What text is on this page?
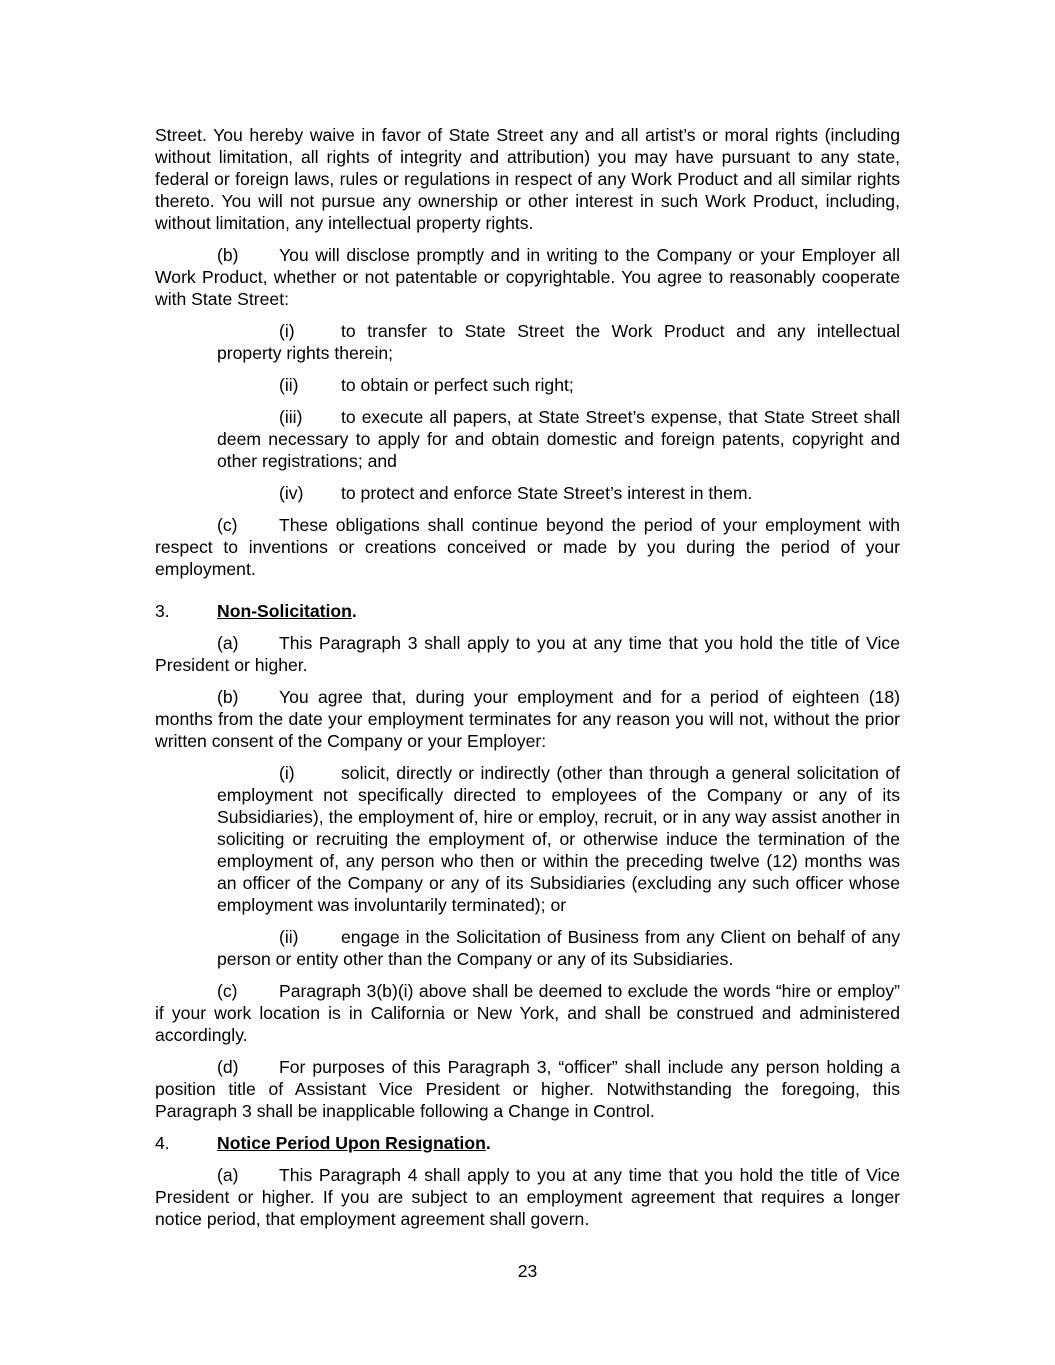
Street. You hereby waive in favor of State Street any and all artist’s or moral rights (including without limitation, all rights of integrity and attribution) you may have pursuant to any state, federal or foreign laws, rules or regulations in respect of any Work Product and all similar rights thereto. You will not pursue any ownership or other interest in such Work Product, including, without limitation, any intellectual property rights.

(b) You will disclose promptly and in writing to the Company or your Employer all Work Product, whether or not patentable or copyrightable. You agree to reasonably cooperate with State Street:

(i)	to transfer to State Street the Work Product and any intellectual property rights therein;

(ii) to obtain or perfect such right;

(iii) to execute all papers, at State Street’s expense, that State Street shall deem necessary to apply for and obtain domestic and foreign patents, copyright and other registrations; and

(iv) to protect and enforce State Street’s interest in them.

(c) These obligations shall continue beyond the period of your employment with respect to inventions or creations conceived or made by you during the period of your employment.

3.	Non-Solicitation.

(a) This Paragraph 3 shall apply to you at any time that you hold the title of Vice President or higher.

(b) You agree that, during your employment and for a period of eighteen (18) months from the date your employment terminates for any reason you will not, without the prior written consent of the Company or your Employer:

(i)	solicit, directly or indirectly (other than through a general solicitation of employment not specifically directed to employees of the Company or any of its Subsidiaries), the employment of, hire or employ, recruit, or in any way assist another in soliciting or recruiting the employment of, or otherwise induce the termination of the employment of, any person who then or within the preceding twelve (12) months was an officer of the Company or any of its Subsidiaries (excluding any such officer whose employment was involuntarily terminated); or

(ii) engage in the Solicitation of Business from any Client on behalf of any person or entity other than the Company or any of its Subsidiaries.

(c) Paragraph 3(b)(i) above shall be deemed to exclude the words “hire or employ” if your work location is in California or New York, and shall be construed and administered accordingly.

(d) For purposes of this Paragraph 3, “officer” shall include any person holding a position title of Assistant Vice President or higher. Notwithstanding the foregoing, this Paragraph 3 shall be inapplicable following a Change in Control.

4.	Notice Period Upon Resignation.

(a) This Paragraph 4 shall apply to you at any time that you hold the title of Vice President or higher. If you are subject to an employment agreement that requires a longer notice period, that employment agreement shall govern.

23
